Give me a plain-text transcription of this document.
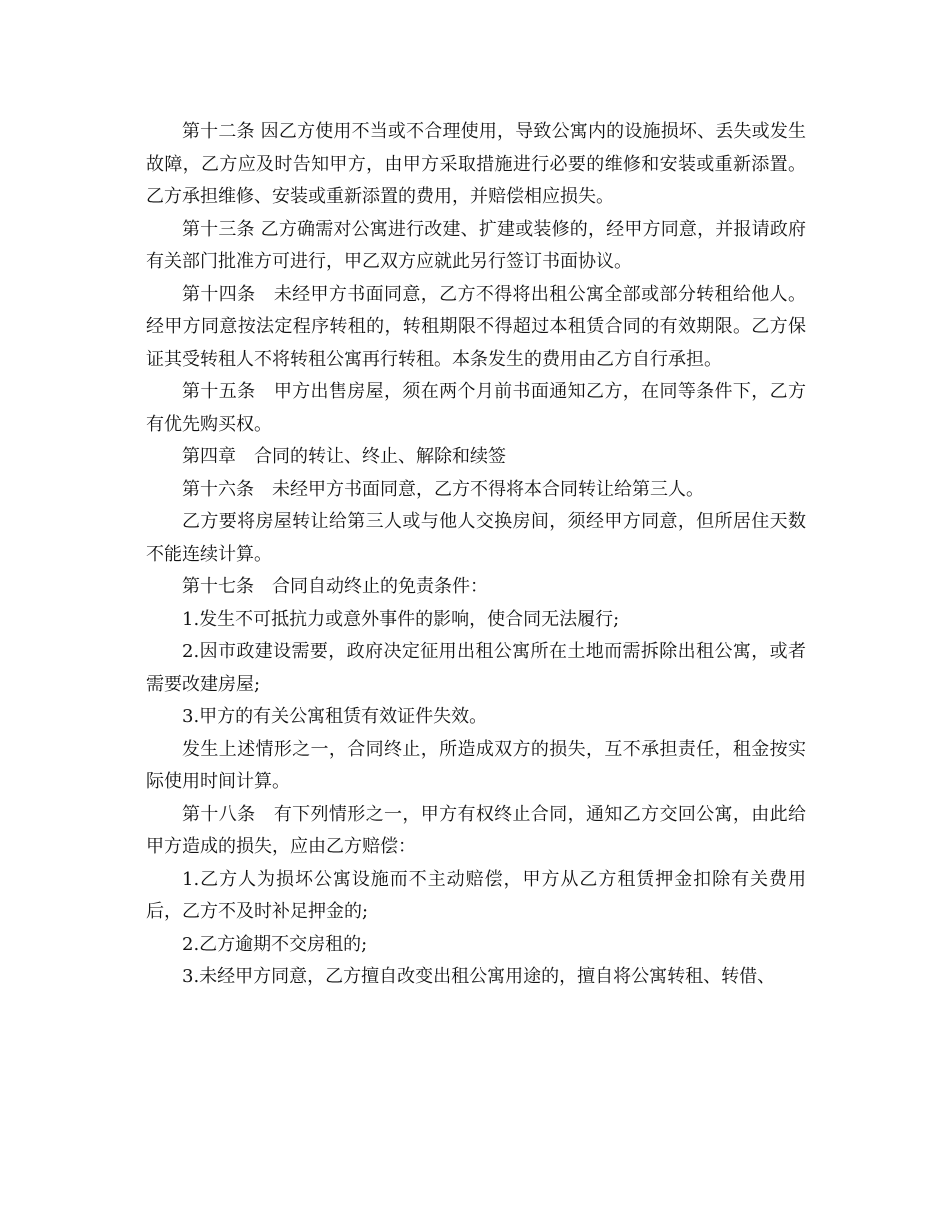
第十二条 因乙方使用不当或不合理使用，导致公寓内的设施损坏、丢失或发生故障，乙方应及时告知甲方，由甲方采取措施进行必要的维修和安装或重新添置。乙方承担维修、安装或重新添置的费用，并赔偿相应损失。

第十三条 乙方确需对公寓进行改建、扩建或装修的，经甲方同意，并报请政府有关部门批准方可进行，甲乙双方应就此另行签订书面协议。

第十四条　未经甲方书面同意，乙方不得将出租公寓全部或部分转租给他人。经甲方同意按法定程序转租的，转租期限不得超过本租赁合同的有效期限。乙方保证其受转租人不将转租公寓再行转租。本条发生的费用由乙方自行承担。

第十五条　甲方出售房屋，须在两个月前书面通知乙方，在同等条件下，乙方有优先购买权。

第四章　合同的转让、终止、解除和续签

第十六条　未经甲方书面同意，乙方不得将本合同转让给第三人。

乙方要将房屋转让给第三人或与他人交换房间，须经甲方同意，但所居住天数不能连续计算。

第十七条　合同自动终止的免责条件：

1.发生不可抵抗力或意外事件的影响，使合同无法履行;

2.因市政建设需要，政府决定征用出租公寓所在土地而需拆除出租公寓，或者需要改建房屋;

3.甲方的有关公寓租赁有效证件失效。

发生上述情形之一，合同终止，所造成双方的损失，互不承担责任，租金按实际使用时间计算。

第十八条　有下列情形之一，甲方有权终止合同，通知乙方交回公寓，由此给甲方造成的损失，应由乙方赔偿：

1.乙方人为损坏公寓设施而不主动赔偿，甲方从乙方租赁押金扣除有关费用后，乙方不及时补足押金的;

2.乙方逾期不交房租的;

3.未经甲方同意，乙方擅自改变出租公寓用途的，擅自将公寓转租、转借、
